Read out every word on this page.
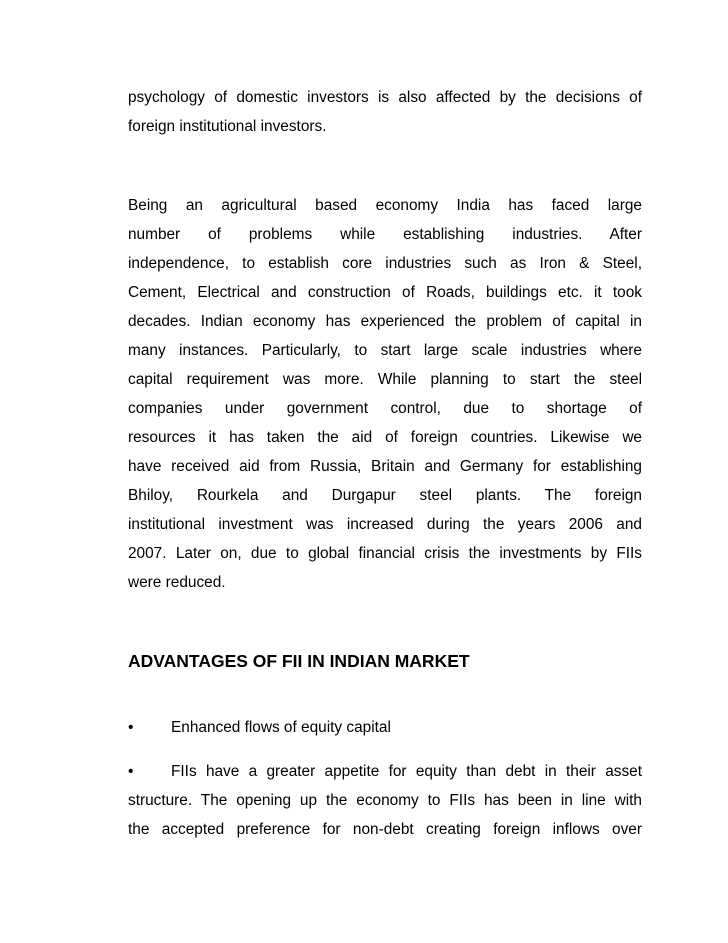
psychology of domestic investors is also affected by the decisions of
foreign institutional investors.
Being an agricultural based economy India has faced large
number of problems while establishing industries. After
independence, to establish core industries such as Iron & Steel,
Cement, Electrical and construction of Roads, buildings etc. it took
decades. Indian economy has experienced the problem of capital in
many instances. Particularly, to start large scale industries where
capital requirement was more. While planning to start the steel
companies under government control, due to shortage of
resources it has taken the aid of foreign countries. Likewise we
have received aid from Russia, Britain and Germany for establishing
Bhiloy, Rourkela and Durgapur steel plants. The foreign
institutional investment was increased during the years 2006 and
2007. Later on, due to global financial crisis the investments by FIIs
were reduced.
ADVANTAGES OF FII IN INDIAN MARKET
• Enhanced flows of equity capital
• FIIs have a greater appetite for equity than debt in their asset
structure. The opening up the economy to FIIs has been in line with
the accepted preference for non-debt creating foreign inflows over
